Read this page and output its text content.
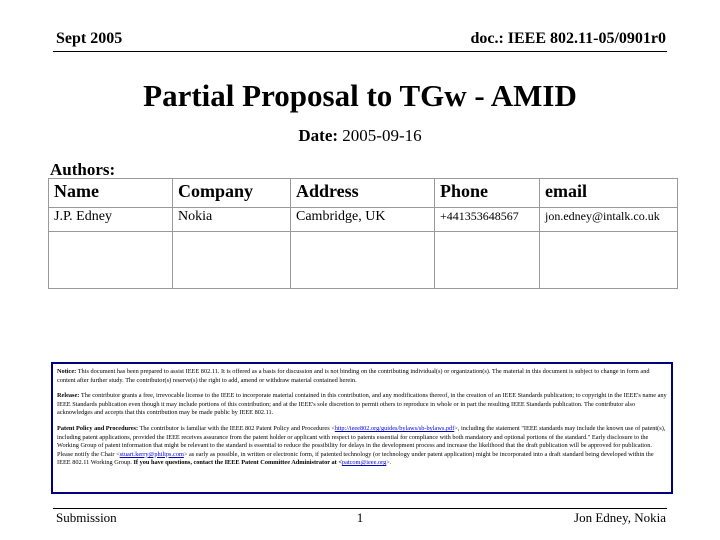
Sept 2005	doc.: IEEE 802.11-05/0901r0
Partial Proposal to TGw - AMID
Date: 2005-09-16
Authors:
Name	Company	Address	Phone	email
J.P. Edney	Nokia	Cambridge, UK	+441353648567	jon.edney@intalk.co.uk

Notice: This document has been prepared to assist IEEE 802.11. It is offered as a basis for discussion and is not binding on the contributing individual(s) or organization(s). The material in this document is subject to change in form and content after further study. The contributor(s) reserve(s) the right to add, amend or withdraw material contained herein.

Release: The contributor grants a free, irrevocable license to the IEEE to incorporate material contained in this contribution, and any modifications thereof, in the creation of an IEEE Standards publication; to copyright in the IEEE's name any IEEE Standards publication even though it may include portions of this contribution; and at the IEEE's sole discretion to permit others to reproduce in whole or in part the resulting IEEE Standards publication. The contributor also acknowledges and accepts that this contribution may be made public by IEEE 802.11.

Patent Policy and Procedures: The contributor is familiar with the IEEE 802 Patent Policy and Procedures <http://ieee802.org/guides/bylaws/sb-bylaws.pdf>, including the statement "IEEE standards may include the known use of patent(s), including patent applications, provided the IEEE receives assurance from the patent holder or applicant with respect to patents essential for compliance with both mandatory and optional portions of the standard." Early disclosure to the Working Group of patent information that might be relevant to the standard is essential to reduce the possibility for delays in the development process and increase the likelihood that the draft publication will be approved for publication. Please notify the Chair <stuart.kerry@philips.com> as early as possible, in written or electronic form, if patented technology (or technology under patent application) might be incorporated into a draft standard being developed within the IEEE 802.11 Working Group. If you have questions, contact the IEEE Patent Committee Administrator at <patcom@ieee.org>.

Submission	1	Jon Edney, Nokia
